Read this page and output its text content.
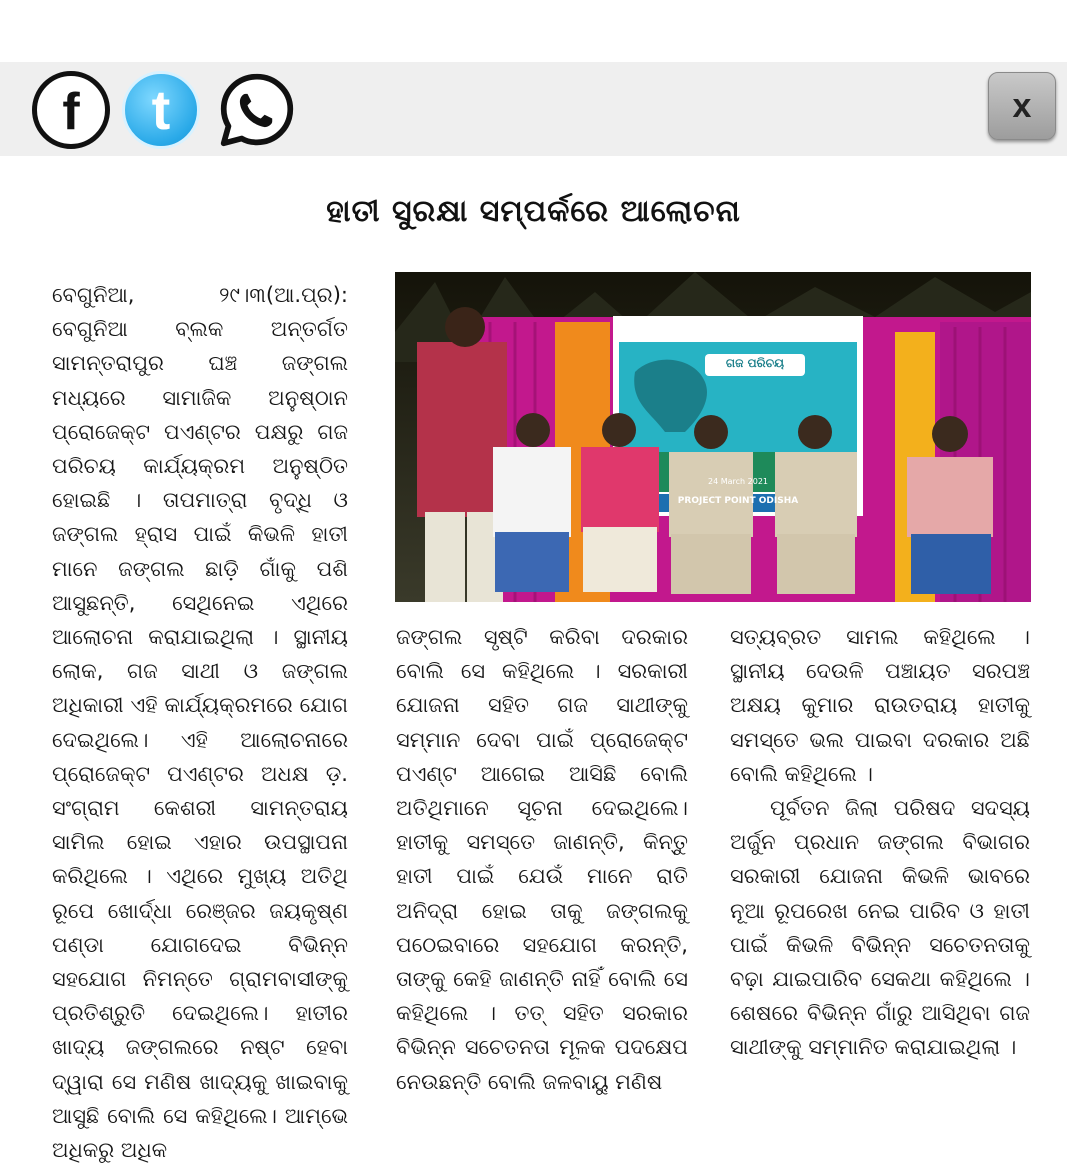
f t	x
ହାତୀ ସୁରକ୍ଷା ସମ୍ପର୍କରେ ଆଲୋଚନା
ବେଗୁନିଆ, ୨୯।୩(ଆ.ପ୍ର): ବେଗୁନିଆ ବ୍ଲକ ଅନ୍ତର୍ଗତ ସାମନ୍ତରାପୁର ଘଞ୍ଚ ଜଙ୍ଗଲ ମଧ୍ୟରେ ସାମାଜିକ ଅନୁଷ୍ଠାନ ପ୍ରୋଜେକ୍ଟ ପଏଣ୍ଟର ପକ୍ଷରୁ ଗଜ ପରିଚୟ କାର୍ଯ୍ୟକ୍ରମ ଅନୁଷ୍ଠିତ ହୋଇଛି । ତାପମାତ୍ରା ବୃଦ୍ଧି ଓ ଜଙ୍ଗଲ ହ୍ରାସ ପାଇଁ କିଭଳି ହାତୀ ମାନେ ଜଙ୍ଗଲ ଛାଡ଼ି ଗାଁକୁ ପଶି ଆସୁଛନ୍ତି, ସେଥିନେଇ ଏଥିରେ ଆଲୋଚନା କରାଯାଇଥିଲା । ସ୍ଥାନୀୟ ଲୋକ, ଗଜ ସାଥୀ ଓ ଜଙ୍ଗଲ ଅଧିକାରୀ ଏହି କାର୍ଯ୍ୟକ୍ରମରେ ଯୋଗ ଦେଇଥିଲେ। ଏହି ଆଲୋଚନାରେ ପ୍ରୋଜେକ୍ଟ ପଏଣ୍ଟର ଅଧକ୍ଷ ଡ଼. ସଂଗ୍ରାମ କେଶରୀ ସାମନ୍ତରାୟ ସାମିଲ ହୋଇ ଏହାର ଉପସ୍ଥାପନା କରିଥିଲେ । ଏଥିରେ ମୁଖ୍ୟ ଅତିଥି ରୂପେ ଖୋର୍ଦ୍ଧା ରେଞ୍ଜର ଜୟକୃଷ୍ଣ ପଣ୍ଡା ଯୋଗଦେଇ ବିଭିନ୍ନ ସହଯୋଗ ନିମନ୍ତେ ଗ୍ରାମବାସୀଙ୍କୁ ପ୍ରତିଶ୍ରୁତି ଦେଇଥିଲେ। ହାତୀର ଖାଦ୍ୟ ଜଙ୍ଗଲରେ ନଷ୍ଟ ହେବା ଦ୍ୱାରା ସେ ମଣିଷ ଖାଦ୍ୟକୁ ଖାଇବାକୁ ଆସୁଛି ବୋଲି ସେ କହିଥିଲେ। ଆମ୍ଭେ ଅଧିକରୁ ଅଧିକ
ଗଜ ପରିଚୟ
PROJECT POINT ODISHA
24 March 2021
ଜଙ୍ଗଲ ସୃଷ୍ଟି କରିବା ଦରକାର ବୋଲି ସେ କହିଥିଲେ । ସରକାରୀ ଯୋଜନା ସହିତ ଗଜ ସାଥୀଙ୍କୁ ସମ୍ମାନ ଦେବା ପାଇଁ ପ୍ରୋଜେକ୍ଟ ପଏଣ୍ଟ ଆଗେଇ ଆସିଛି ବୋଲି ଅତିଥିମାନେ ସୂଚନା ଦେଇଥିଲେ। ହାତୀକୁ ସମସ୍ତେ ଜାଣନ୍ତି, କିନ୍ତୁ ହାତୀ ପାଇଁ ଯେଉଁ ମାନେ ରାତି ଅନିଦ୍ରା ହୋଇ ତାକୁ ଜଙ୍ଗଲକୁ ପଠେଇବାରେ ସହଯୋଗ କରନ୍ତି, ତାଙ୍କୁ କେହି ଜାଣନ୍ତି ନାହିଁ ବୋଲି ସେ କହିଥିଲେ । ତତ୍ ସହିତ ସରକାର ବିଭିନ୍ନ ସଚେତନତା ମୂଳକ ପଦକ୍ଷେପ ନେଉଛନ୍ତି ବୋଲି ଜଳବାୟୁ ମଣିଷ
ସତ୍ୟବ୍ରତ ସାମଲ କହିଥିଲେ । ସ୍ଥାନୀୟ ଦେଉଳି ପଞ୍ଚାୟତ ସରପଞ୍ଚ ଅକ୍ଷୟ କୁମାର ରାଉତରାୟ ହାତୀକୁ ସମସ୍ତେ ଭଲ ପାଇବା ଦରକାର ଅଛି ବୋଲି କହିଥିଲେ ।
ପୂର୍ବତନ ଜିଲା ପରିଷଦ ସଦସ୍ୟ ଅର୍ଜୁନ ପ୍ରଧାନ ଜଙ୍ଗଲ ବିଭାଗର ସରକାରୀ ଯୋଜନା କିଭଳି ଭାବରେ ନୂଆ ରୂପରେଖ ନେଇ ପାରିବ ଓ ହାତୀ ପାଇଁ କିଭଳି ବିଭିନ୍ନ ସଚେତନତାକୁ ବଢ଼ା ଯାଇପାରିବ ସେକଥା କହିଥିଲେ । ଶେଷରେ ବିଭିନ୍ନ ଗାଁରୁ ଆସିଥିବା ଗଜ ସାଥୀଙ୍କୁ ସମ୍ମାନିତ କରାଯାଇଥିଲା ।
